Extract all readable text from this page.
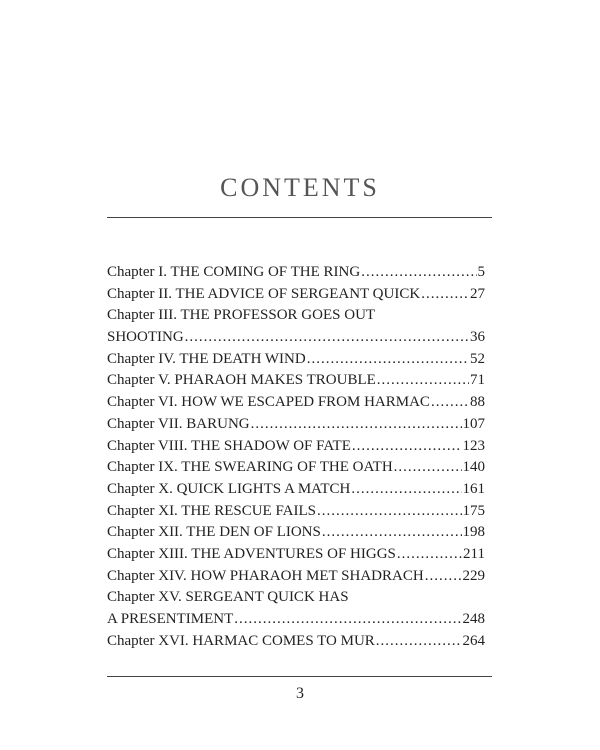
CONTENTS
Chapter I. THE COMING OF THE RING .....	5
Chapter II. THE ADVICE OF SERGEANT QUICK .....	27
Chapter III. THE PROFESSOR GOES OUT
SHOOTING .....	36
Chapter IV. THE DEATH WIND .....	52
Chapter V. PHARAOH MAKES TROUBLE .....	71
Chapter VI. HOW WE ESCAPED FROM HARMAC .....	88
Chapter VII. BARUNG .....	107
Chapter VIII. THE SHADOW OF FATE .....	123
Chapter IX. THE SWEARING OF THE OATH .....	140
Chapter X. QUICK LIGHTS A MATCH .....	161
Chapter XI. THE RESCUE FAILS .....	175
Chapter XII. THE DEN OF LIONS .....	198
Chapter XIII. THE ADVENTURES OF HIGGS .....	211
Chapter XIV. HOW PHARAOH MET SHADRACH .....	229
Chapter XV. SERGEANT QUICK HAS
A PRESENTIMENT .....	248
Chapter XVI. HARMAC COMES TO MUR .....	264
3
